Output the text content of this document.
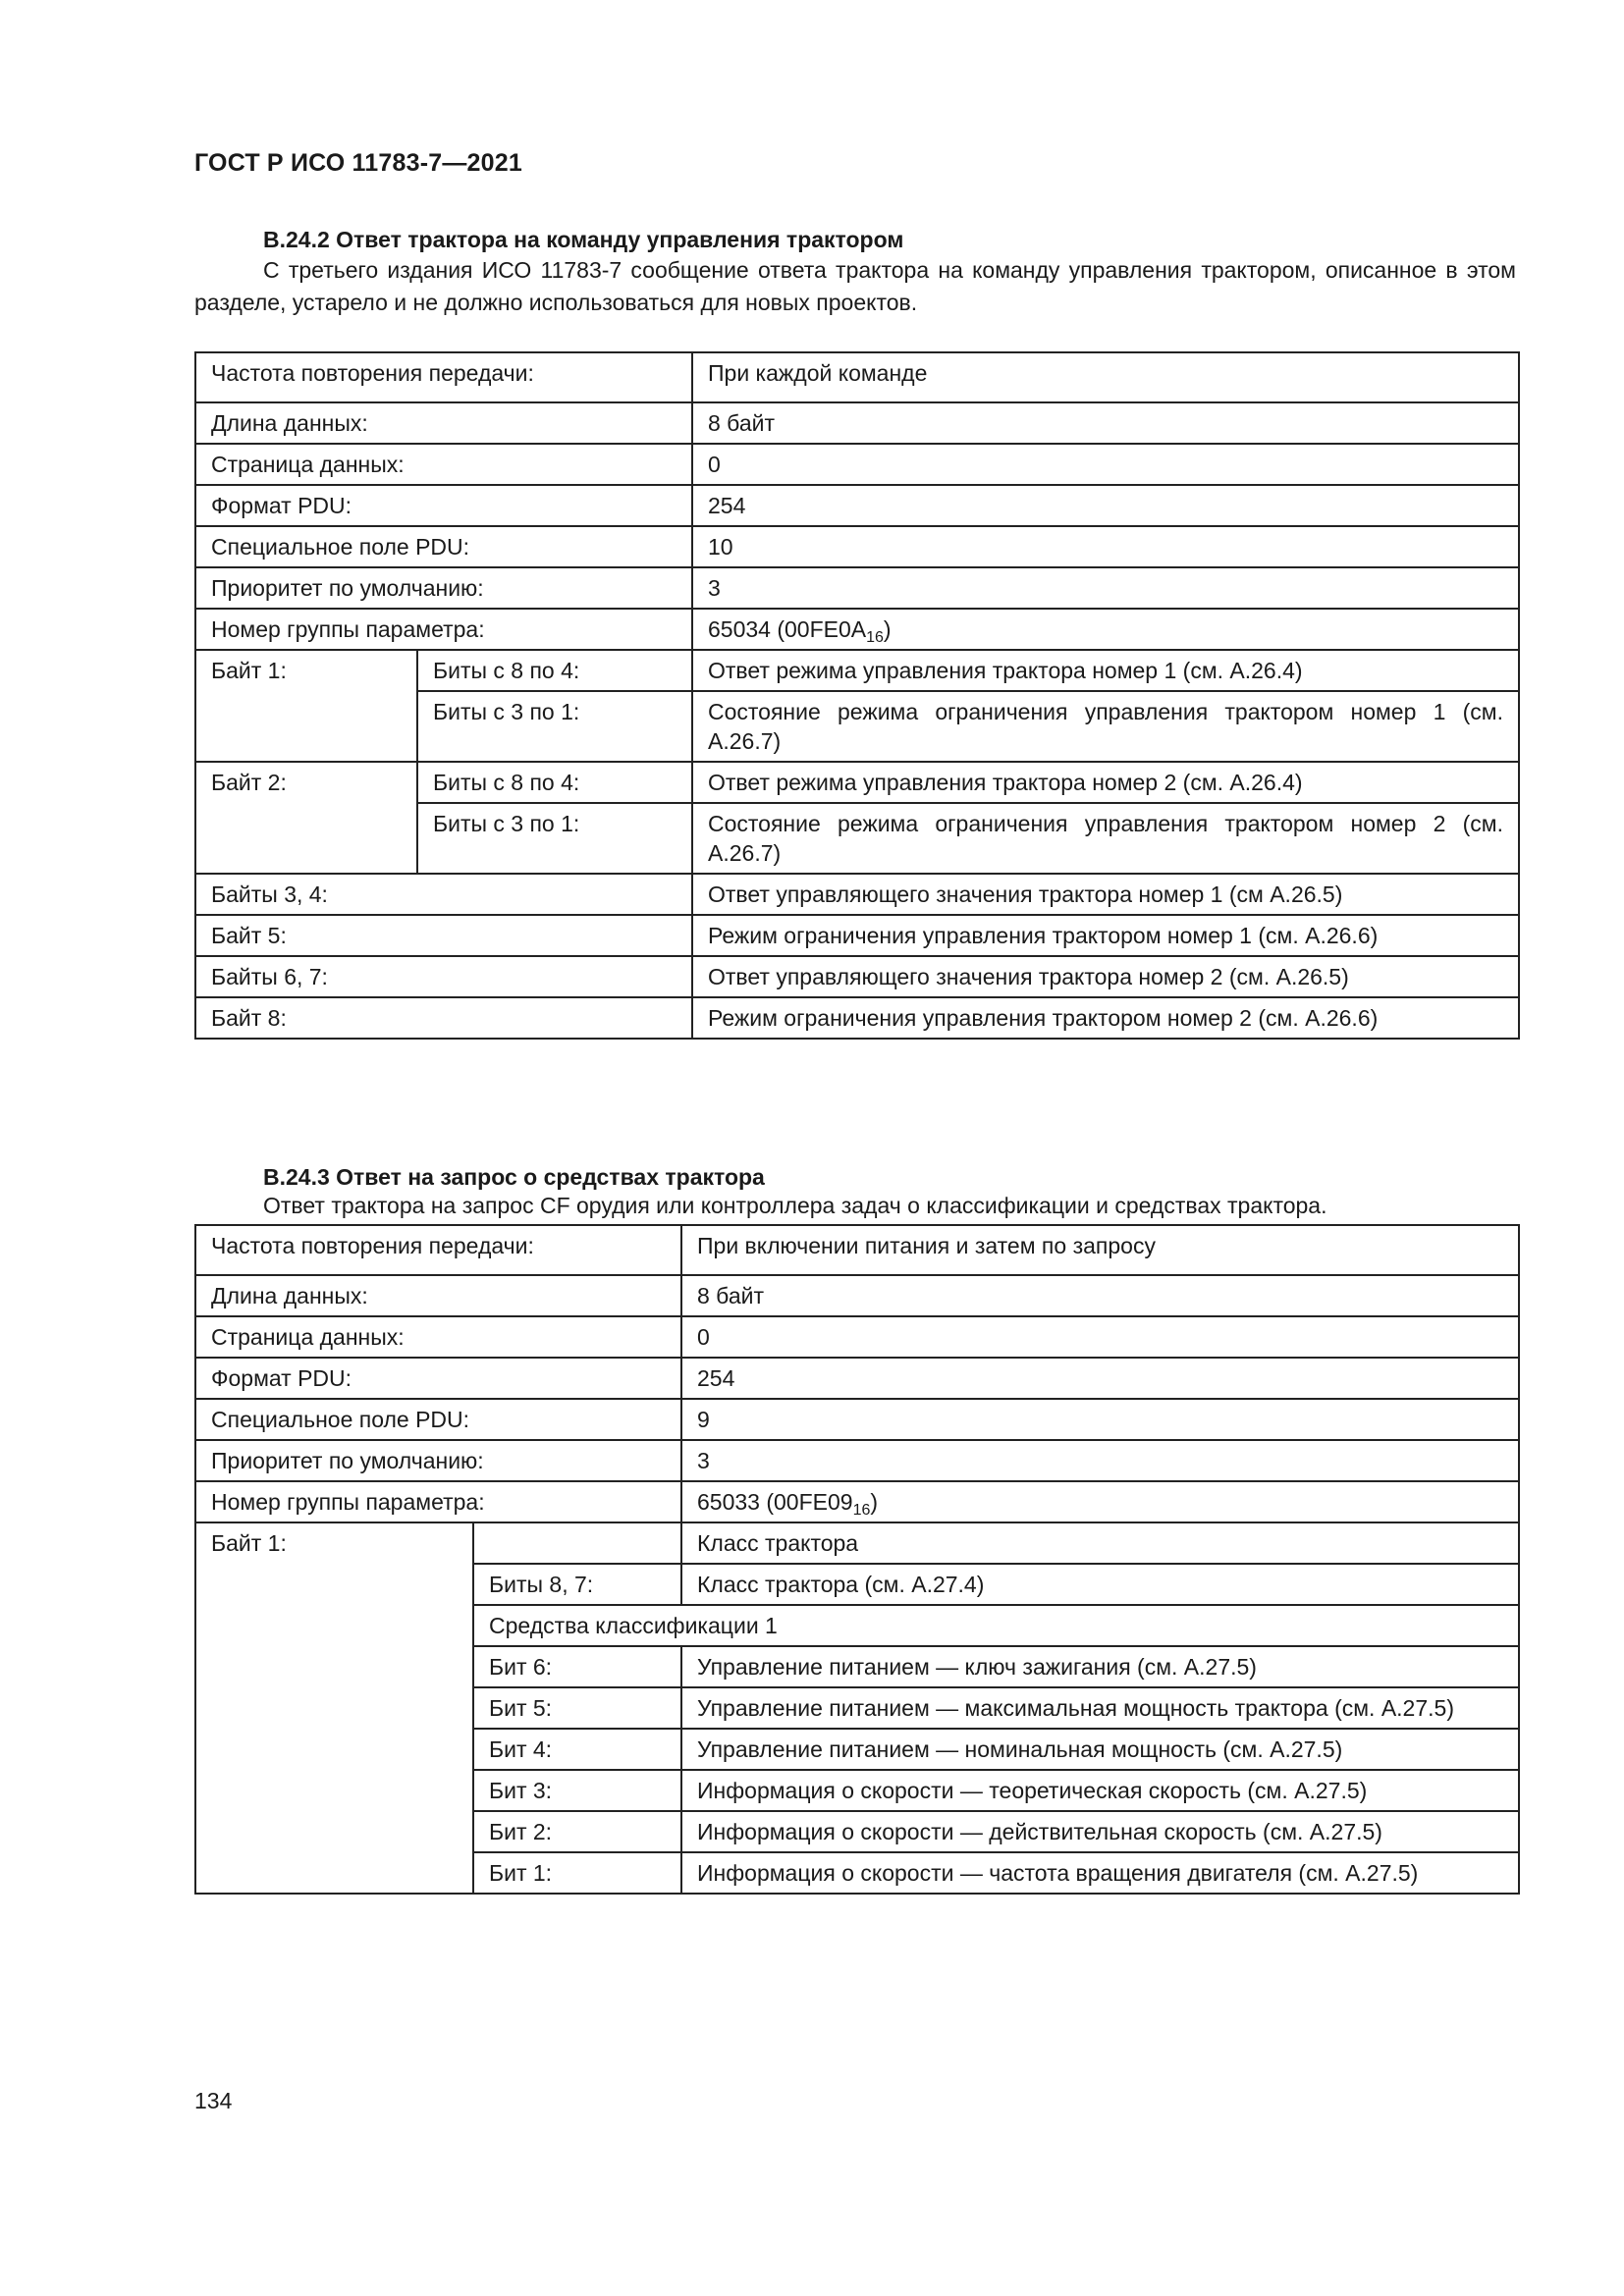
ГОСТ Р ИСО 11783-7—2021
B.24.2 Ответ трактора на команду управления трактором
С третьего издания ИСО 11783-7 сообщение ответа трактора на команду управления трактором, описанное в этом разделе, устарело и не должно использоваться для новых проектов.
Частота повторения передачи:		При каждой команде
Длина данных:		8 байт
Страница данных:		0
Формат PDU:		254
Специальное поле PDU:		10
Приоритет по умолчанию:		3
Номер группы параметра:		65034 $(00FE0A_{16})$
Байт 1:	Биты с 8 по 4:	Ответ режима управления трактора номер 1 (см. A.26.4)
	Биты с 3 по 1:	Состояние режима ограничения управления трактором номер 1 (см. A.26.7)
Байт 2:	Биты с 8 по 4:	Ответ режима управления трактора номер 2 (см. A.26.4)
	Биты с 3 по 1:	Состояние режима ограничения управления трактором номер 2 (см. A.26.7)
Байты 3, 4:		Ответ управляющего значения трактора номер 1 (см A.26.5)
Байт 5:		Режим ограничения управления трактором номер 1 (см. A.26.6)
Байты 6, 7:		Ответ управляющего значения трактора номер 2 (см. A.26.5)
Байт 8:		Режим ограничения управления трактором номер 2 (см. A.26.6)
B.24.3 Ответ на запрос о средствах трактора
Ответ трактора на запрос CF орудия или контроллера задач о классификации и средствах трактора.
Частота повторения передачи:		При включении питания и затем по запросу
Длина данных:		8 байт
Страница данных:		0
Формат PDU:		254
Специальное поле PDU:		9
Приоритет по умолчанию:		3
Номер группы параметра:		65033 $(00FE09_{16})$
Байт 1:		Класс трактора
	Биты 8, 7:	Класс трактора (см. A.27.4)
	Средства классификации 1	
	Бит 6:	Управление питанием — ключ зажигания (см. A.27.5)
	Бит 5:	Управление питанием — максимальная мощность трактора (см. A.27.5)
	Бит 4:	Управление питанием — номинальная мощность (см. A.27.5)
	Бит 3:	Информация о скорости — теоретическая скорость (см. A.27.5)
	Бит 2:	Информация о скорости — действительная скорость (см. A.27.5)
	Бит 1:	Информация о скорости — частота вращения двигателя (см. A.27.5)
134
